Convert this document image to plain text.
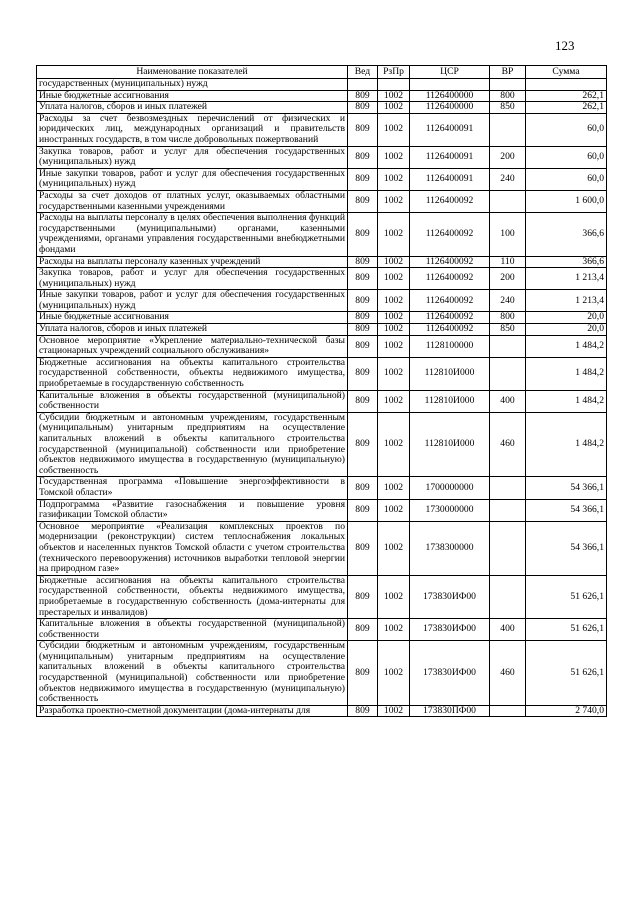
123
Наименование показателей	Вед	РзПр	ЦСР	ВР	Сумма
государственных (муниципальных) нужд					
Иные бюджетные ассигнования	809	1002	1126400000	800	262,1
Уплата налогов, сборов и иных платежей	809	1002	1126400000	850	262,1
Расходы за счет безвозмездных перечислений от физических и юридических лиц, международных организаций и правительств иностранных государств, в том числе добровольных пожертвований	809	1002	1126400091		60,0
Закупка товаров, работ и услуг для обеспечения государственных (муниципальных) нужд	809	1002	1126400091	200	60,0
Иные закупки товаров, работ и услуг для обеспечения государственных (муниципальных) нужд	809	1002	1126400091	240	60,0
Расходы за счет доходов от платных услуг, оказываемых областными государственными казенными учреждениями	809	1002	1126400092		1 600,0
Расходы на выплаты персоналу в целях обеспечения выполнения функций государственными (муниципальными) органами, казенными учреждениями, органами управления государственными внебюджетными фондами	809	1002	1126400092	100	366,6
Расходы на выплаты персоналу казенных учреждений	809	1002	1126400092	110	366,6
Закупка товаров, работ и услуг для обеспечения государственных (муниципальных) нужд	809	1002	1126400092	200	1 213,4
Иные закупки товаров, работ и услуг для обеспечения государственных (муниципальных) нужд	809	1002	1126400092	240	1 213,4
Иные бюджетные ассигнования	809	1002	1126400092	800	20,0
Уплата налогов, сборов и иных платежей	809	1002	1126400092	850	20,0
Основное мероприятие «Укрепление материально-технической базы стационарных учреждений социального обслуживания»	809	1002	1128100000		1 484,2
Бюджетные ассигнования на объекты капитального строительства государственной собственности, объекты недвижимого имущества, приобретаемые в государственную собственность	809	1002	112810И000		1 484,2
Капитальные вложения в объекты государственной (муниципальной) собственности	809	1002	112810И000	400	1 484,2
Субсидии бюджетным и автономным учреждениям, государственным (муниципальным) унитарным предприятиям на осуществление капитальных вложений в объекты капитального строительства государственной (муниципальной) собственности или приобретение объектов недвижимого имущества в государственную (муниципальную) собственность	809	1002	112810И000	460	1 484,2
Государственная программа «Повышение энергоэффективности в Томской области»	809	1002	1700000000		54 366,1
Подпрограмма «Развитие газоснабжения и повышение уровня газификации Томской области»	809	1002	1730000000		54 366,1
Основное мероприятие «Реализация комплексных проектов по модернизации (реконструкции) систем теплоснабжения локальных объектов и населенных пунктов Томской области с учетом строительства (технического перевооружения) источников выработки тепловой энергии на природном газе»	809	1002	1738300000		54 366,1
Бюджетные ассигнования на объекты капитального строительства государственной собственности, объекты недвижимого имущества, приобретаемые в государственную собственность (дома-интернаты для престарелых и инвалидов)	809	1002	173830ИФ00		51 626,1
Капитальные вложения в объекты государственной (муниципальной) собственности	809	1002	173830ИФ00	400	51 626,1
Субсидии бюджетным и автономным учреждениям, государственным (муниципальным) унитарным предприятиям на осуществление капитальных вложений в объекты капитального строительства государственной (муниципальной) собственности или приобретение объектов недвижимого имущества в государственную (муниципальную) собственность	809	1002	173830ИФ00	460	51 626,1
Разработка проектно-сметной документации (дома-интернаты для	809	1002	173830ПФ00		2 740,0
